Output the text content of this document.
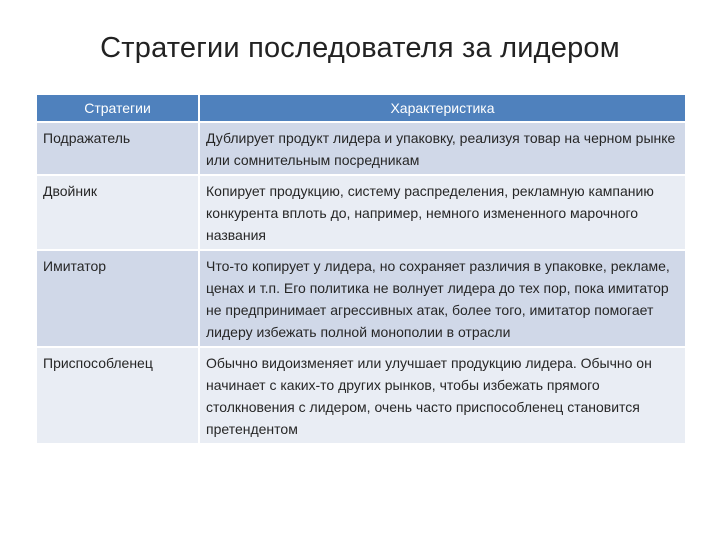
Стратегии последователя за лидером
Стратегии	Характеристика
Подражатель	Дублирует продукт лидера и упаковку, реализуя товар на черном рынке или сомнительным посредникам
Двойник	Копирует продукцию, систему распределения, рекламную кампанию конкурента вплоть до, например, немного измененного марочного названия
Имитатор	Что-то копирует у лидера, но сохраняет различия в упаковке, рекламе, ценах и т.п. Его политика не волнует лидера до тех пор, пока имитатор не предпринимает агрессивных атак, более того, имитатор помогает лидеру избежать полной монополии в отрасли
Приспособленец	Обычно видоизменяет или улучшает продукцию лидера. Обычно он начинает с каких-то других рынков, чтобы избежать прямого столкновения с лидером, очень часто приспособленец становится претендентом
